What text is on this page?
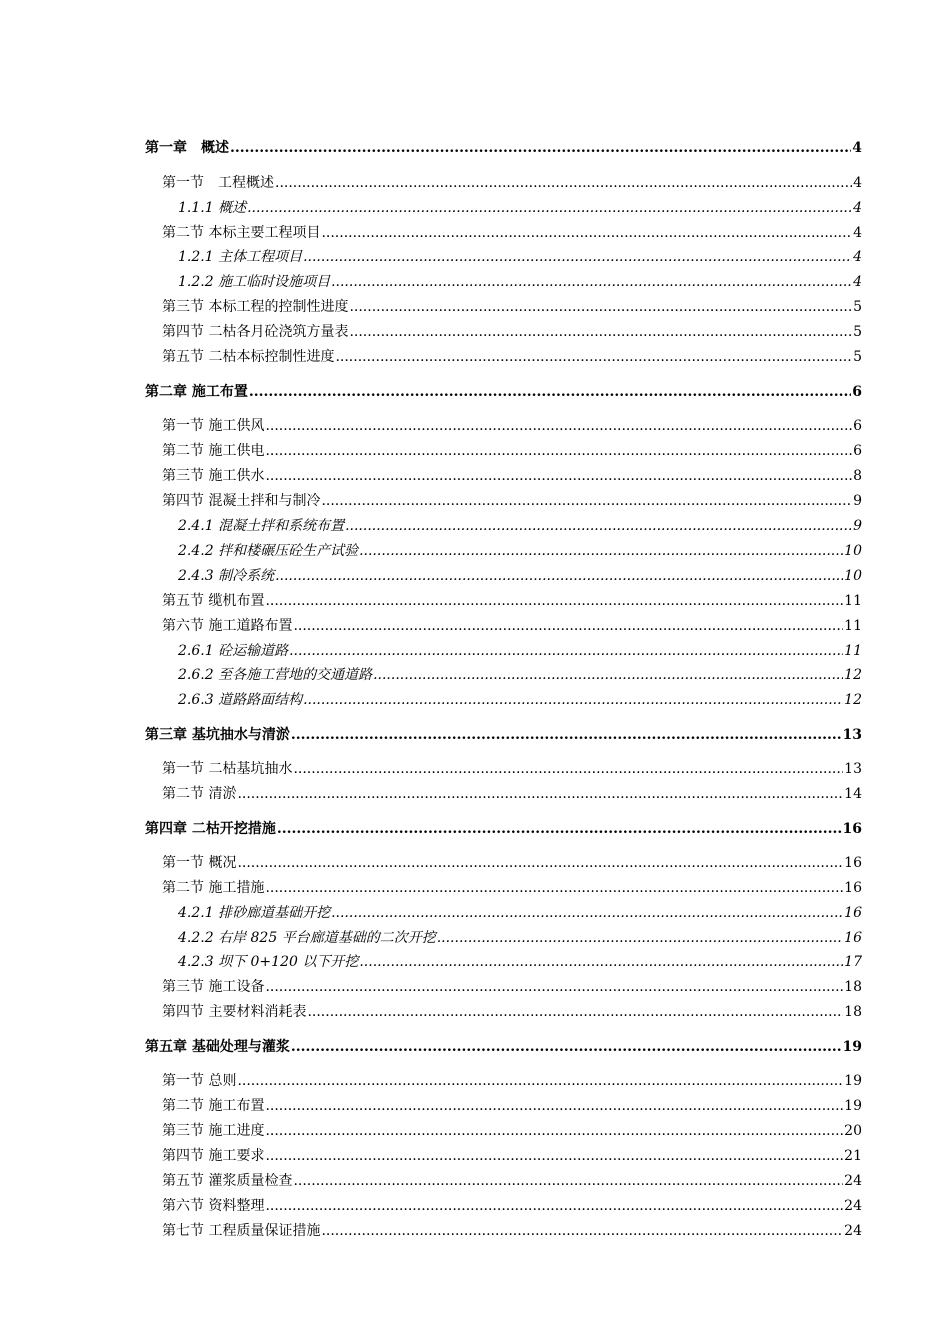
第一章　概述 .....	4
第一节　工程概述 .....	4
1.1.1 概述 .....	4
第二节 本标主要工程项目 .....	4
1.2.1 主体工程项目 .....	4
1.2.2 施工临时设施项目 .....	4
第三节 本标工程的控制性进度 .....	5
第四节 二枯各月砼浇筑方量表 .....	5
第五节 二枯本标控制性进度 .....	5
第二章 施工布置 .....	6
第一节 施工供风 .....	6
第二节 施工供电 .....	6
第三节 施工供水 .....	8
第四节 混凝土拌和与制冷 .....	9
2.4.1 混凝土拌和系统布置 .....	9
2.4.2 拌和楼碾压砼生产试验 .....	10
2.4.3 制冷系统 .....	10
第五节 缆机布置 .....	11
第六节 施工道路布置 .....	11
2.6.1 砼运输道路 .....	11
2.6.2 至各施工营地的交通道路 .....	12
2.6.3 道路路面结构 .....	12
第三章 基坑抽水与清淤 .....	13
第一节 二枯基坑抽水 .....	13
第二节 清淤 .....	14
第四章 二枯开挖措施 .....	16
第一节 概况 .....	16
第二节 施工措施 .....	16
4.2.1 排砂廊道基础开挖 .....	16
4.2.2 右岸 825 平台廊道基础的二次开挖 .....	16
4.2.3 坝下 0+120 以下开挖 .....	17
第三节 施工设备 .....	18
第四节 主要材料消耗表 .....	18
第五章 基础处理与灌浆 .....	19
第一节 总则 .....	19
第二节 施工布置 .....	19
第三节 施工进度 .....	20
第四节 施工要求 .....	21
第五节 灌浆质量检查 .....	24
第六节 资料整理 .....	24
第七节 工程质量保证措施 .....	24
